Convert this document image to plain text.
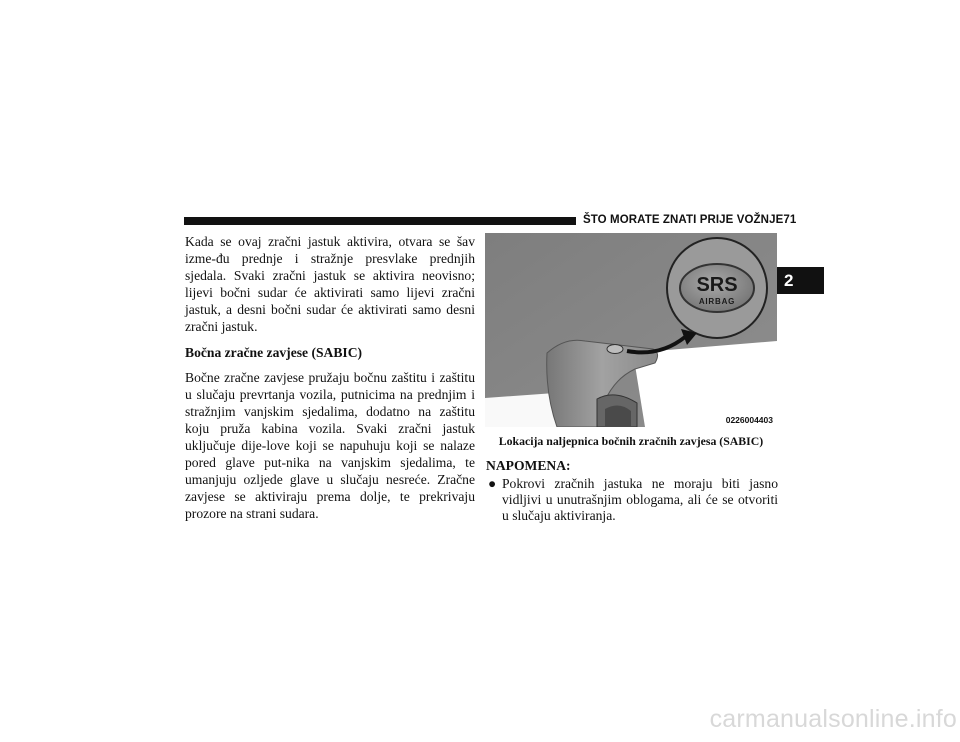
ŠTO MORATE ZNATI PRIJE VOŽNJE 71
2

Kada se ovaj zračni jastuk aktivira, otvara se šav izme-đu prednje i stražnje presvlake prednjih sjedala. Svaki zračni jastuk se aktivira neovisno; lijevi bočni sudar će aktivirati samo lijevi zračni jastuk, a desni bočni sudar će aktivirati samo desni zračni jastuk.

Bočna zračne zavjese (SABIC)

Bočne zračne zavjese pružaju bočnu zaštitu i zaštitu u slučaju prevrtanja vozila, putnicima na prednjim i stražnjim vanjskim sjedalima, dodatno na zaštitu koju pruža kabina vozila. Svaki zračni jastuk uključuje dije-love koji se napuhuju koji se nalaze pored glave put-nika na vanjskim sjedalima, te umanjuju ozljede glave u slučaju nesreće. Zračne zavjese se aktiviraju prema dolje, te prekrivaju prozore na strani sudara.

SRS
AIRBAG
0226004403
Lokacija naljepnica bočnih zračnih zavjesa (SABIC)
NAPOMENA:
● Pokrovi zračnih jastuka ne moraju biti jasno vidljivi u unutrašnjim oblogama, ali će se otvoriti u slučaju aktiviranja.
carmanualsonline.info
